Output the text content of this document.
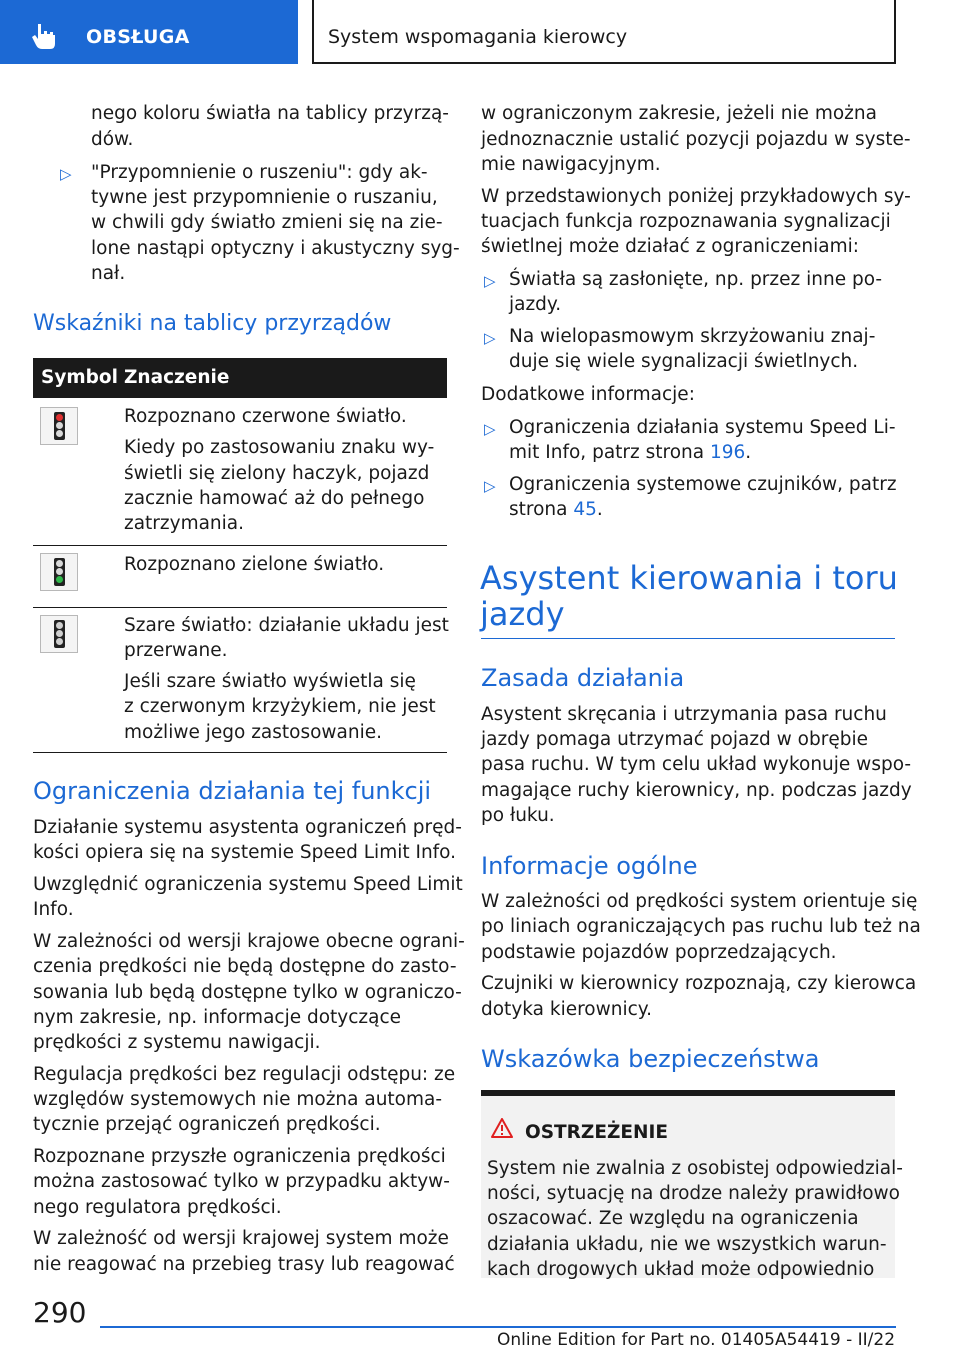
OBSŁUGA	System wspomagania kierowcy
nego koloru światła na tablicy przyrzą-
dów.
▷ "Przypomnienie o ruszeniu": gdy ak-
tywne jest przypomnienie o ruszaniu,
w chwili gdy światło zmieni się na zie-
lone nastąpi optyczny i akustyczny syg-
nał.
Wskaźniki na tablicy przyrządów
Symbol Znaczenie
Rozpoznano czerwone światło.
Kiedy po zastosowaniu znaku wy-
świetli się zielony haczyk, pojazd
zacznie hamować aż do pełnego
zatrzymania.
Rozpoznano zielone światło.
Szare światło: działanie układu jest
przerwane.
Jeśli szare światło wyświetla się
z czerwonym krzyżykiem, nie jest
możliwe jego zastosowanie.
Ograniczenia działania tej funkcji
Działanie systemu asystenta ograniczeń pręd-
kości opiera się na systemie Speed Limit Info.
Uwzględnić ograniczenia systemu Speed Limit
Info.
W zależności od wersji krajowe obecne ograni-
czenia prędkości nie będą dostępne do zasto-
sowania lub będą dostępne tylko w ograniczo-
nym zakresie, np. informacje dotyczące
prędkości z systemu nawigacji.
Regulacja prędkości bez regulacji odstępu: ze
względów systemowych nie można automa-
tycznie przejąć ograniczeń prędkości.
Rozpoznane przyszłe ograniczenia prędkości
można zastosować tylko w przypadku aktyw-
nego regulatora prędkości.
W zależność od wersji krajowej system może
nie reagować na przebieg trasy lub reagować
w ograniczonym zakresie, jeżeli nie można
jednoznacznie ustalić pozycji pojazdu w syste-
mie nawigacyjnym.
W przedstawionych poniżej przykładowych sy-
tuacjach funkcja rozpoznawania sygnalizacji
świetlnej może działać z ograniczeniami:
▷ Światła są zasłonięte, np. przez inne po-
jazdy.
▷ Na wielopasmowym skrzyżowaniu znaj-
duje się wiele sygnalizacji świetlnych.
Dodatkowe informacje:
▷ Ograniczenia działania systemu Speed Li-
mit Info, patrz strona 196.
▷ Ograniczenia systemowe czujników, patrz
strona 45.
Asystent kierowania i toru
jazdy
Zasada działania
Asystent skręcania i utrzymania pasa ruchu
jazdy pomaga utrzymać pojazd w obrębie
pasa ruchu. W tym celu układ wykonuje wspo-
magające ruchy kierownicy, np. podczas jazdy
po łuku.
Informacje ogólne
W zależności od prędkości system orientuje się
po liniach ograniczających pas ruchu lub też na
podstawie pojazdów poprzedzających.
Czujniki w kierownicy rozpoznają, czy kierowca
dotyka kierownicy.
Wskazówka bezpieczeństwa
OSTRZEŻENIE
System nie zwalnia z osobistej odpowiedzial-
ności, sytuację na drodze należy prawidłowo
oszacować. Ze względu na ograniczenia
działania układu, nie we wszystkich warun-
kach drogowych układ może odpowiednio
290
Online Edition for Part no. 01405A54419 - II/22
